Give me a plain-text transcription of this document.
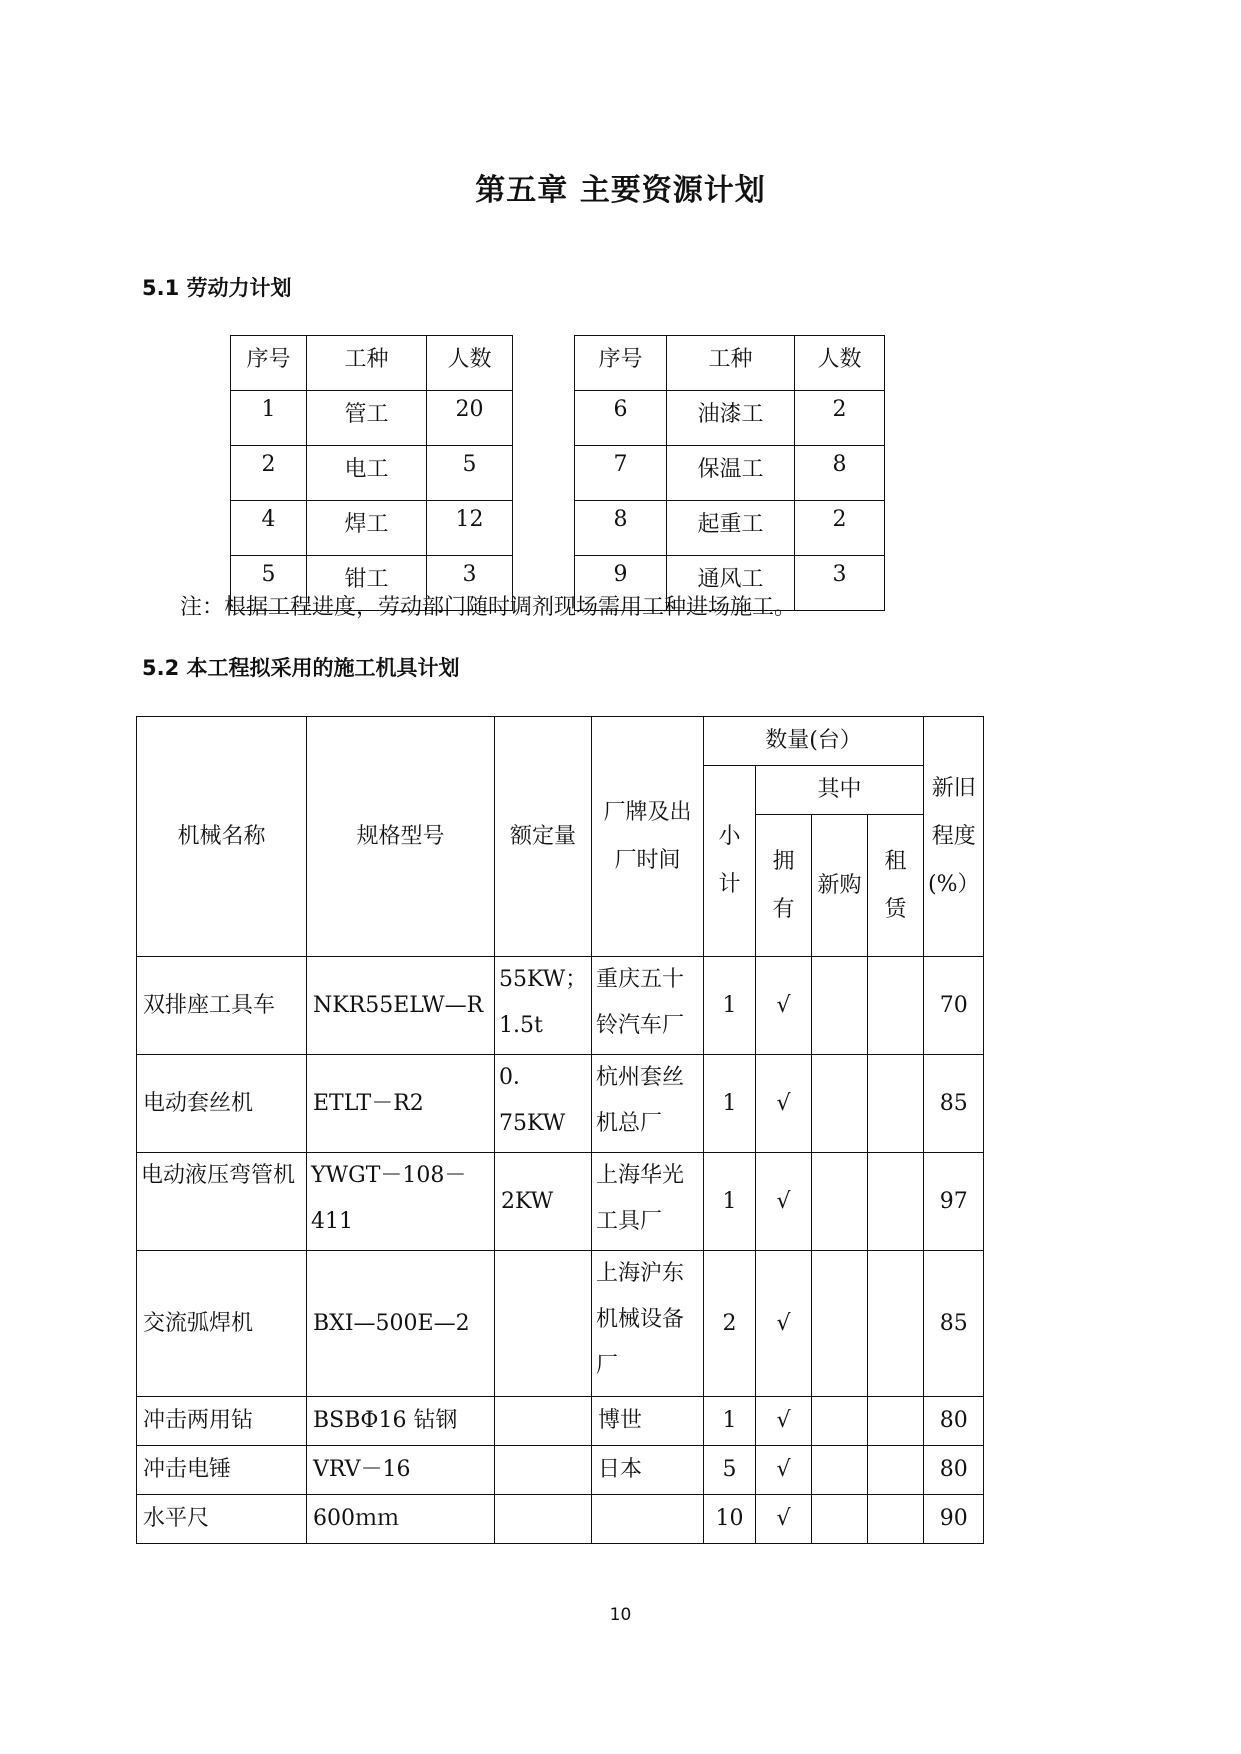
第五章 主要资源计划
5.1 劳动力计划
序号	工种	人数		序号	工种	人数
1	管工	20		6	油漆工	2
2	电工	5		7	保温工	8
4	焊工	12		8	起重工	2
5	钳工	3		9	通风工	3
注：根据工程进度，劳动部门随时调剂现场需用工种进场施工。
5.2 本工程拟采用的施工机具计划
机械名称	规格型号	额定量	厂牌及出厂时间	数量(台）				新旧程度(%）
				小计	其中			
					拥有	新购	租赁	
双排座工具车	NKR55ELW—R	55KW；1.5t	重庆五十铃汽车厂	1	√			70
电动套丝机	ETLT－R2	0．75KW	杭州套丝机总厂	1	√			85
电动液压弯管机	YWGT－108－411	2KW	上海华光工具厂	1	√			97
交流弧焊机	BXI—500E—2		上海沪东机械设备厂	2	√			85
冲击两用钻	BSBΦ16 钻钢		博世	1	√			80
冲击电锤	VRV－16		日本	5	√			80
水平尺	600ｍｍ			10	√			90
10
